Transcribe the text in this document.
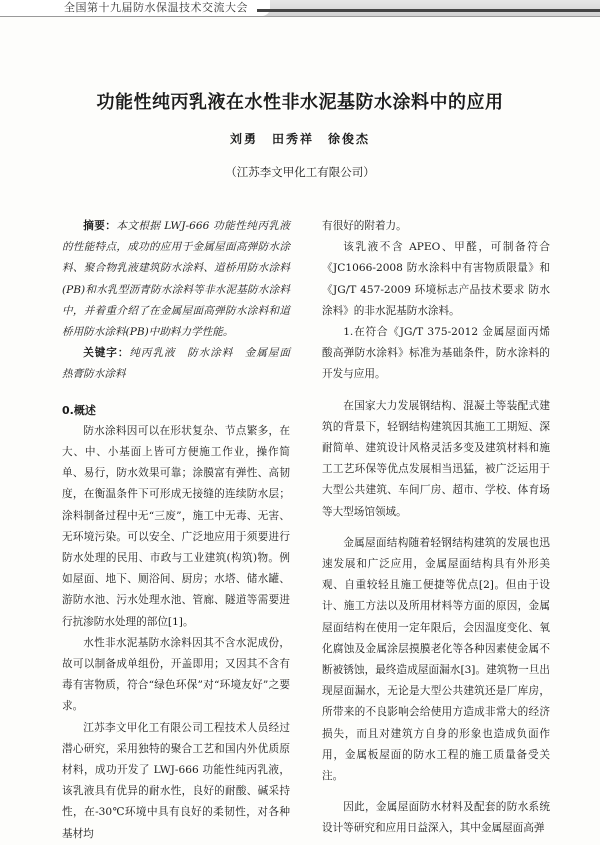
全国第十九届防水保温技术交流大会
功能性纯丙乳液在水性非水泥基防水涂料中的应用
刘勇　田秀祥　徐俊杰
（江苏李文甲化工有限公司）

摘要：本文根据 LWJ-666 功能性纯丙乳液的性能特点，成功的应用于金属屋面高弹防水涂料、聚合物乳液建筑防水涂料、道桥用防水涂料(PB)和水乳型沥青防水涂料等非水泥基防水涂料中，并着重介绍了在金属屋面高弹防水涂料和道桥用防水涂料(PB)中助料力学性能。

关键字：纯丙乳液　防水涂料　金属屋面　热膏防水涂料

0.概述

防水涂料因可以在形状复杂、节点繁多，在大、中、小基面上皆可方便施工作业，操作简单、易行，防水效果可靠；涂膜富有弹性、高韧度，在衡温条件下可形成无接缝的连续防水层；涂料制备过程中无“三废”，施工中无毒、无害、无环境污染。可以安全、广泛地应用于须要进行防水处理的民用、市政与工业建筑(构筑)物。例如屋面、地下、厕浴间、厨房；水塔、储水罐、游防水池、污水处理水池、管廊、隧道等需要进行抗渗防水处理的部位[1]。

水性非水泥基防水涂料因其不含水泥成份，故可以制备成单组份，开盖即用；又因其不含有毒有害物质，符合“绿色环保”对“环境友好”之要求。

江苏李文甲化工有限公司工程技术人员经过潜心研究，采用独特的聚合工艺和国内外优质原材料，成功开发了 LWJ-666 功能性纯丙乳液，该乳液具有优异的耐水性，良好的耐酸、碱采持性，在-30℃环境中具有良好的柔韧性，对各种基材均

有很好的附着力。

该乳液不含 APEO、甲醛，可制备符合《JC1066-2008 防水涂料中有害物质限量》和《JG/T 457-2009 环境标志产品技术要求 防水涂料》的非水泥基防水涂料。

1.在符合《JG/T 375-2012 金属屋面丙烯酸高弹防水涂料》标准为基础条件，防水涂料的开发与应用。

在国家大力发展钢结构、混凝土等装配式建筑的背景下，轻钢结构建筑因其施工工期短、深耐简单、建筑设计风格灵活多变及建筑材料和施工工艺环保等优点发展相当迅猛，被广泛运用于大型公共建筑、车间厂房、超市、学校、体育场等大型场馆领域。

金属屋面结构随着轻钢结构建筑的发展也迅速发展和广泛应用，金属屋面结构具有外形美观、自重较轻且施工便捷等优点[2]。但由于设计、施工方法以及所用材料等方面的原因，金属屋面结构在使用一定年限后，会因温度变化、氧化腐蚀及金属涂层摸膜老化等各种因素使金属不断被锈蚀，最终造成屋面漏水[3]。建筑物一旦出现屋面漏水，无论是大型公共建筑还是厂库房，所带来的不良影响会给使用方造成非常大的经济损失，而且对建筑方自身的形象也造成负面作用，金属板屋面的防水工程的施工质量备受关注。

因此，金属屋面防水材料及配套的防水系统设计等研究和应用日益深入，其中金属屋面高弹
